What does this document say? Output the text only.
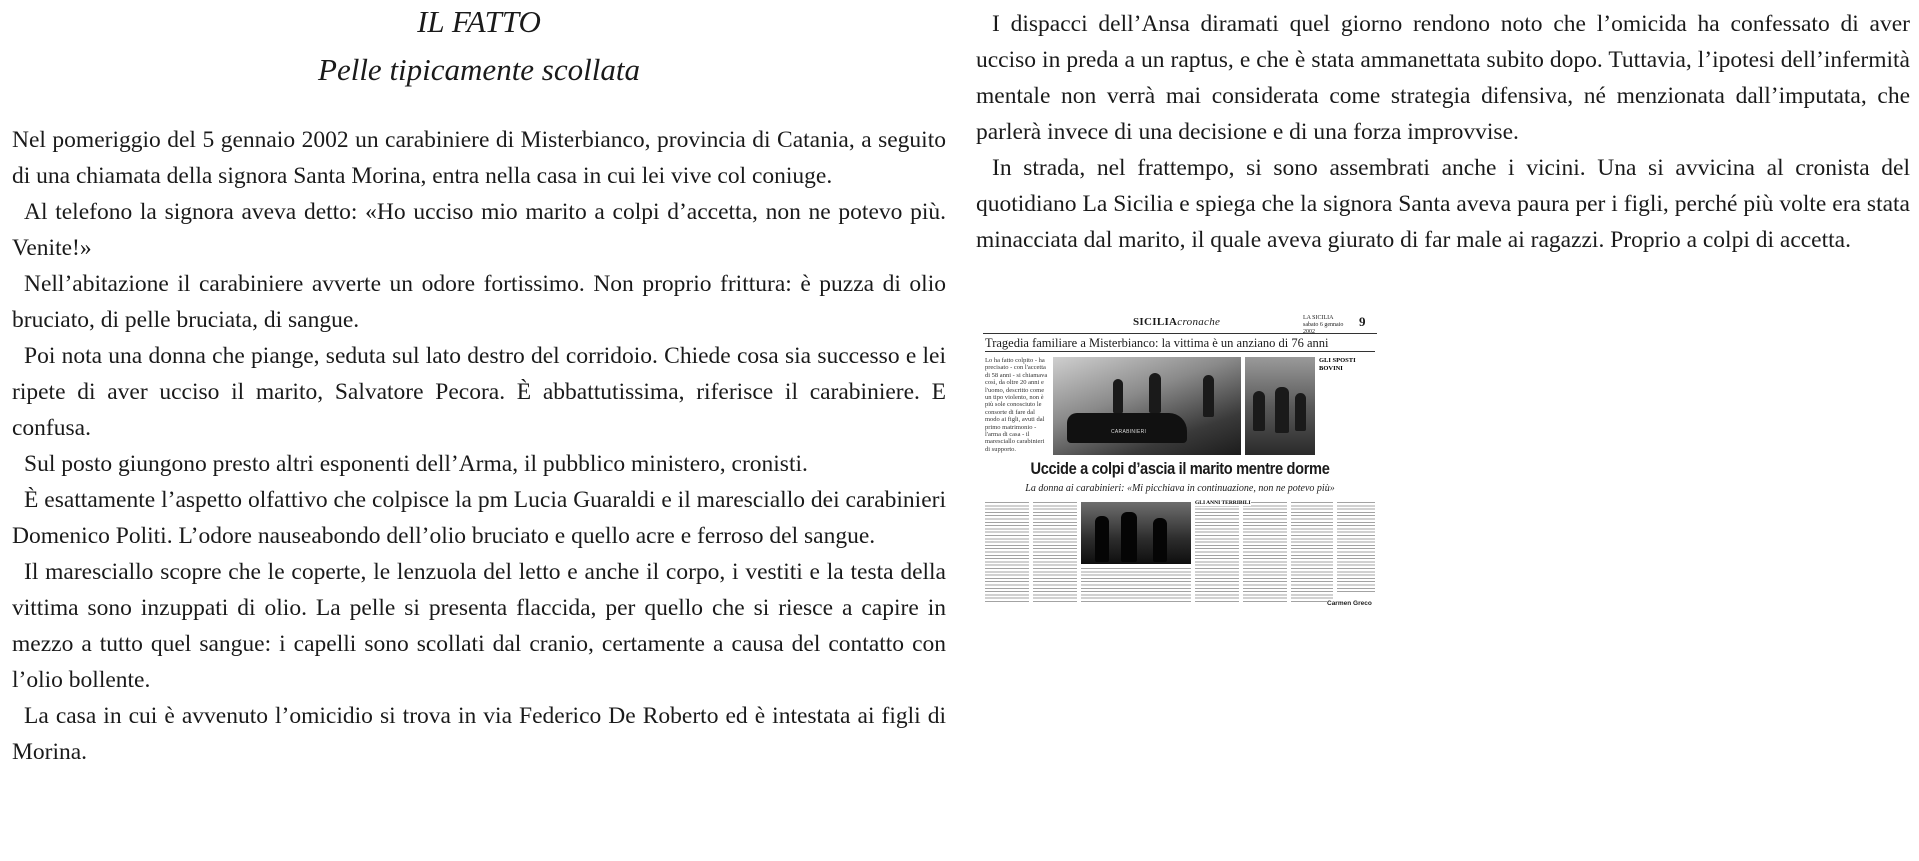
IL FATTO
Pelle tipicamente scollata

Nel pomeriggio del 5 gennaio 2002 un carabiniere di Misterbianco, provincia di Catania, a seguito di una chiamata della signora Santa Morina, entra nella casa in cui lei vive col coniuge.

Al telefono la signora aveva detto: «Ho ucciso mio marito a colpi d’accetta, non ne potevo più. Venite!»

Nell’abitazione il carabiniere avverte un odore fortissimo. Non proprio frittura: è puzza di olio bruciato, di pelle bruciata, di sangue.

Poi nota una donna che piange, seduta sul lato destro del corridoio. Chiede cosa sia successo e lei ripete di aver ucciso il marito, Salvatore Pecora. È abbattutissima, riferisce il carabiniere. E confusa.

Sul posto giungono presto altri esponenti dell’Arma, il pubblico ministero, cronisti.

È esattamente l’aspetto olfattivo che colpisce la pm Lucia Guaraldi e il maresciallo dei carabinieri Domenico Politi. L’odore nauseabondo dell’olio bruciato e quello acre e ferroso del sangue.

Il maresciallo scopre che le coperte, le lenzuola del letto e anche il corpo, i vestiti e la testa della vittima sono inzuppati di olio. La pelle si presenta flaccida, per quello che si riesce a capire in mezzo a tutto quel sangue: i capelli sono scollati dal cranio, certamente a causa del contatto con l’olio bollente.

La casa in cui è avvenuto l’omicidio si trova in via Federico De Roberto ed è intestata ai figli di Morina.

I dispacci dell’Ansa diramati quel giorno rendono noto che l’omicida ha confessato di aver ucciso in preda a un raptus, e che è stata ammanettata subito dopo. Tuttavia, l’ipotesi dell’infermità mentale non verrà mai considerata come strategia difensiva, né menzionata dall’imputata, che parlerà invece di una decisione e di una forza improvvise.

In strada, nel frattempo, si sono assembrati anche i vicini. Una si avvicina al cronista del quotidiano La Sicilia e spiega che la signora Santa aveva paura per i figli, perché più volte era stata minacciata dal marito, il quale aveva giurato di far male ai ragazzi. Proprio a colpi di accetta.

SICILIAcronache	LA SICILIA
sabato 6 gennaio 2002
9
Tragedia familiare a Misterbianco: la vittima è un anziano di 76 anni
Lo ha fatto colpito - ha precisato - con l'accetta di 58 anni - si chiamava così, da oltre 20 anni e l'uomo, descritto come un tipo violento, non è più sole conosciuto le consorte di fare dal modo ai figli, avuti dal primo matrimonio - l'arma di casa - il maresciallo carabinieri di supporto.
CARABINIERI
GLI SPOSTI BOVINI
Uccide a colpi d’ascia il marito mentre dorme
La donna ai carabinieri: «Mi picchiava in continuazione, non ne potevo più»
GLI ANNI TERRIBILI
Carmen Greco
